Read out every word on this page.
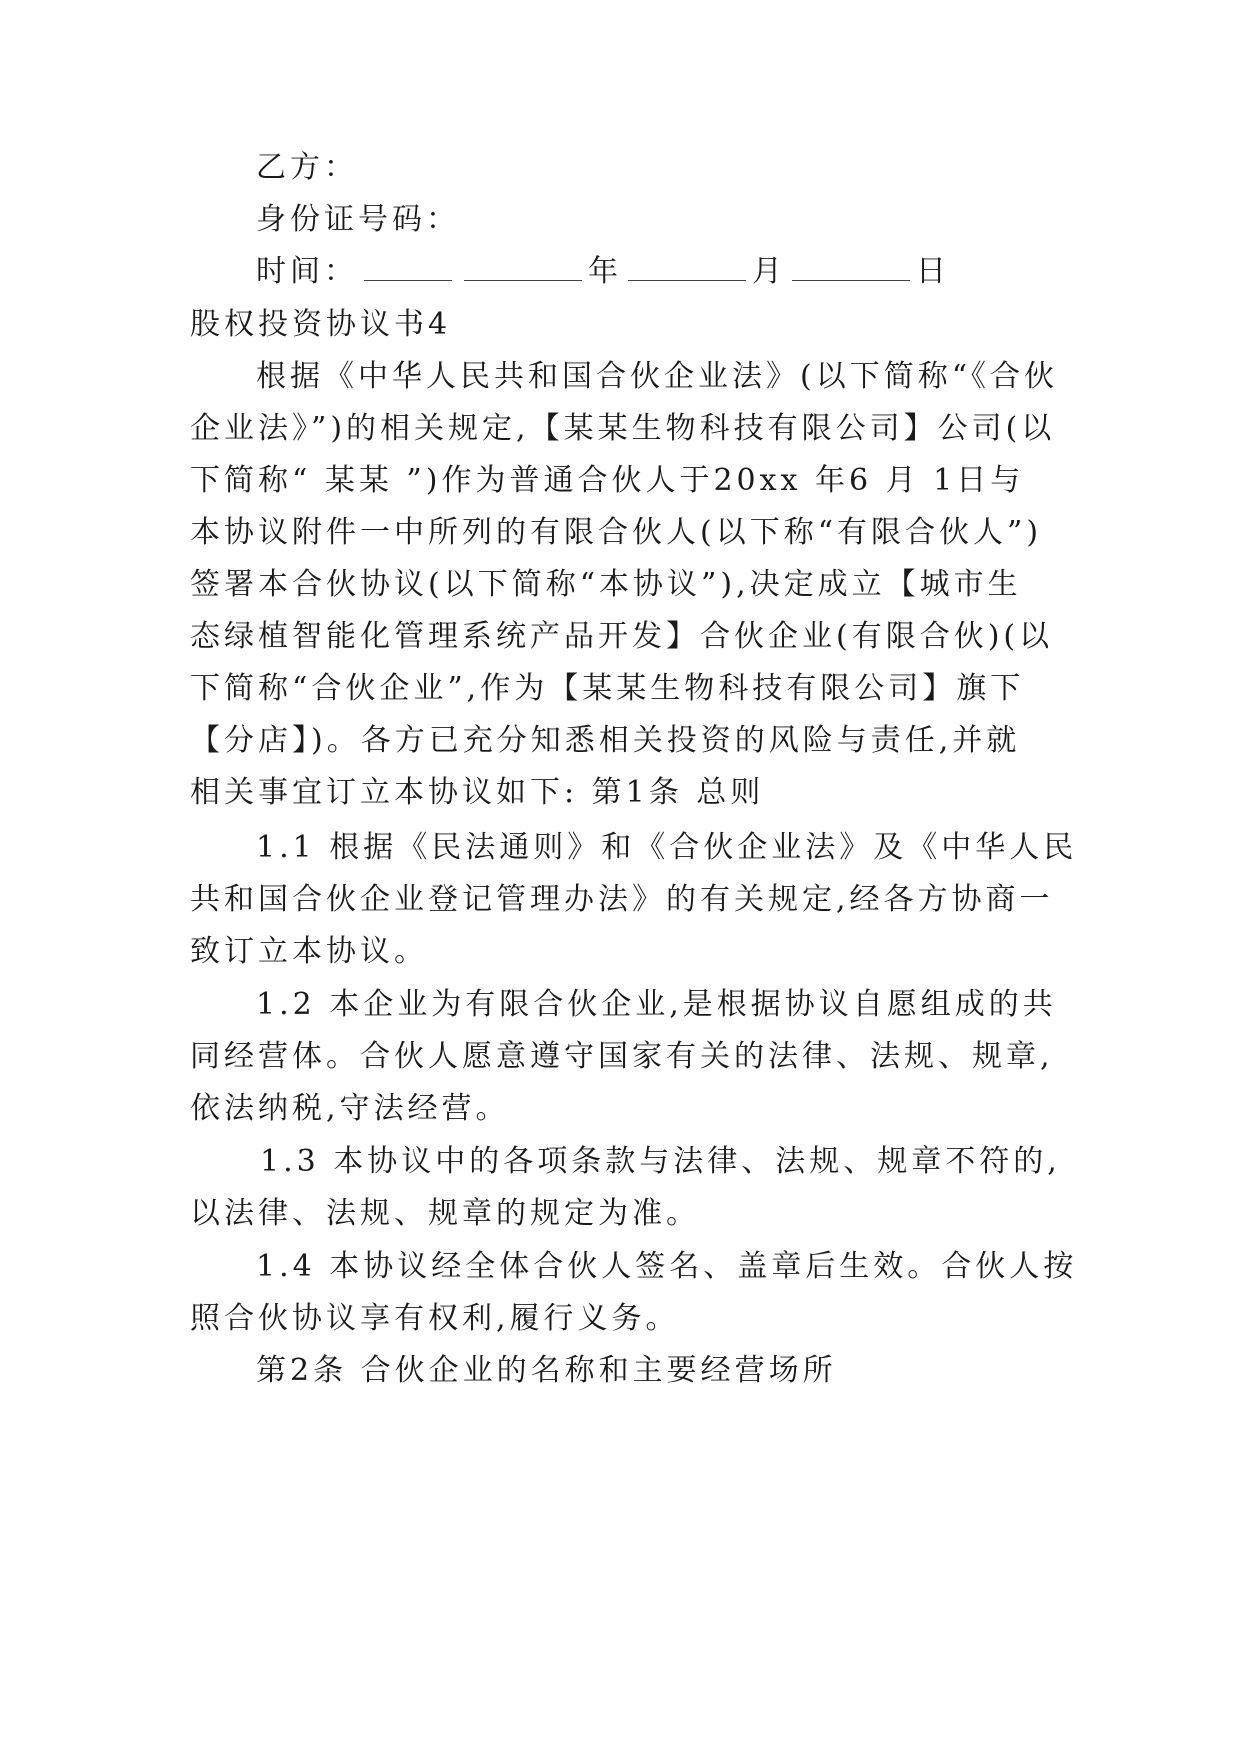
乙方：
身份证号码：
时间：	年	月	日
股权投资协议书4
根据《中华人民共和国合伙企业法》(以下简称“《合伙
企业法》”)的相关规定,【某某生物科技有限公司】公司(以
下简称“ 某某 ”)作为普通合伙人于20xx 年6 月 1日与
本协议附件一中所列的有限合伙人(以下称“有限合伙人”)
签署本合伙协议(以下简称“本协议”),决定成立【城市生
态绿植智能化管理系统产品开发】合伙企业(有限合伙)(以
下简称“合伙企业”,作为【某某生物科技有限公司】旗下
【分店】)。各方已充分知悉相关投资的风险与责任,并就
相关事宜订立本协议如下: 第1条 总则
1.1 根据《民法通则》和《合伙企业法》及《中华人民
共和国合伙企业登记管理办法》的有关规定,经各方协商一
致订立本协议。
1.2 本企业为有限合伙企业,是根据协议自愿组成的共
同经营体。合伙人愿意遵守国家有关的法律、法规、规章,
依法纳税,守法经营。
1.3 本协议中的各项条款与法律、法规、规章不符的,
以法律、法规、规章的规定为准。
1.4 本协议经全体合伙人签名、盖章后生效。合伙人按
照合伙协议享有权利,履行义务。
第2条 合伙企业的名称和主要经营场所
